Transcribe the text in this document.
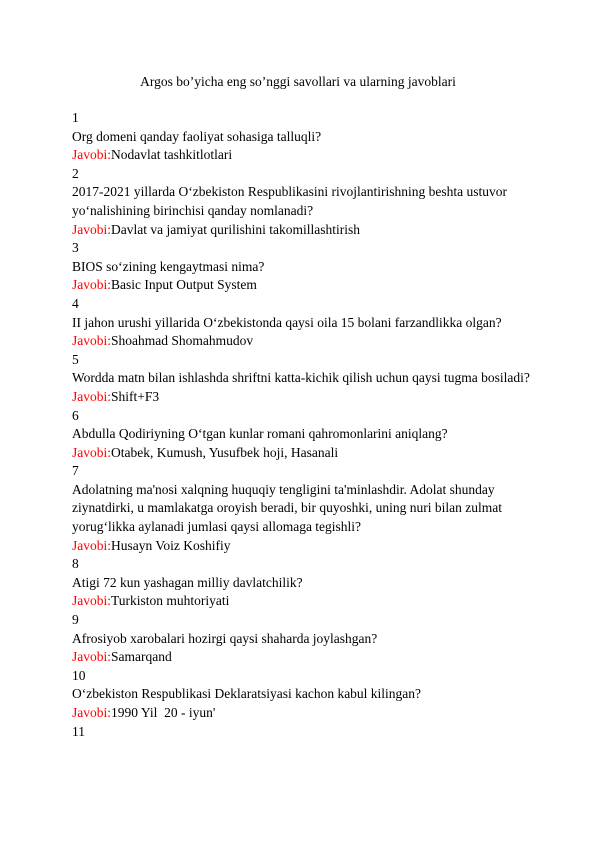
Argos bo’yicha eng so’nggi savollari va ularning javoblari
1
Org domeni qanday faoliyat sohasiga talluqli?
Javobi:Nodavlat tashkitlotlari
2
2017-2021 yillarda O‘zbekiston Respublikasini rivojlantirishning beshta ustuvor yo‘nalishining birinchisi qanday nomlanadi?
Javobi:Davlat va jamiyat qurilishini takomillashtirish
3
BIOS so‘zining kengaytmasi nima?
Javobi:Basic Input Output System
4
II jahon urushi yillarida O‘zbekistonda qaysi oila 15 bolani farzandlikka olgan?
Javobi:Shoahmad Shomahmudov
5
Wordda matn bilan ishlashda shriftni katta-kichik qilish uchun qaysi tugma bosiladi?
Javobi:Shift+F3
6
Abdulla Qodiriyning O‘tgan kunlar romani qahromonlarini aniqlang?
Javobi:Otabek, Kumush, Yusufbek hoji, Hasanali
7
Adolatning ma'nosi xalqning huquqiy tengligini ta'minlashdir. Adolat shunday ziynatdirki, u mamlakatga oroyish beradi, bir quyoshki, uning nuri bilan zulmat yorug‘likka aylanadi jumlasi qaysi allomaga tegishli?
Javobi:Husayn Voiz Koshifiy
8
Atigi 72 kun yashagan milliy davlatchilik?
Javobi:Turkiston muhtoriyati
9
Afrosiyob xarobalari hozirgi qaysi shaharda joylashgan?
Javobi:Samarqand
10
O‘zbekiston Respublikasi Deklaratsiyasi kachon kabul kilingan?
Javobi:1990 Yil  20 - iyun'
11
